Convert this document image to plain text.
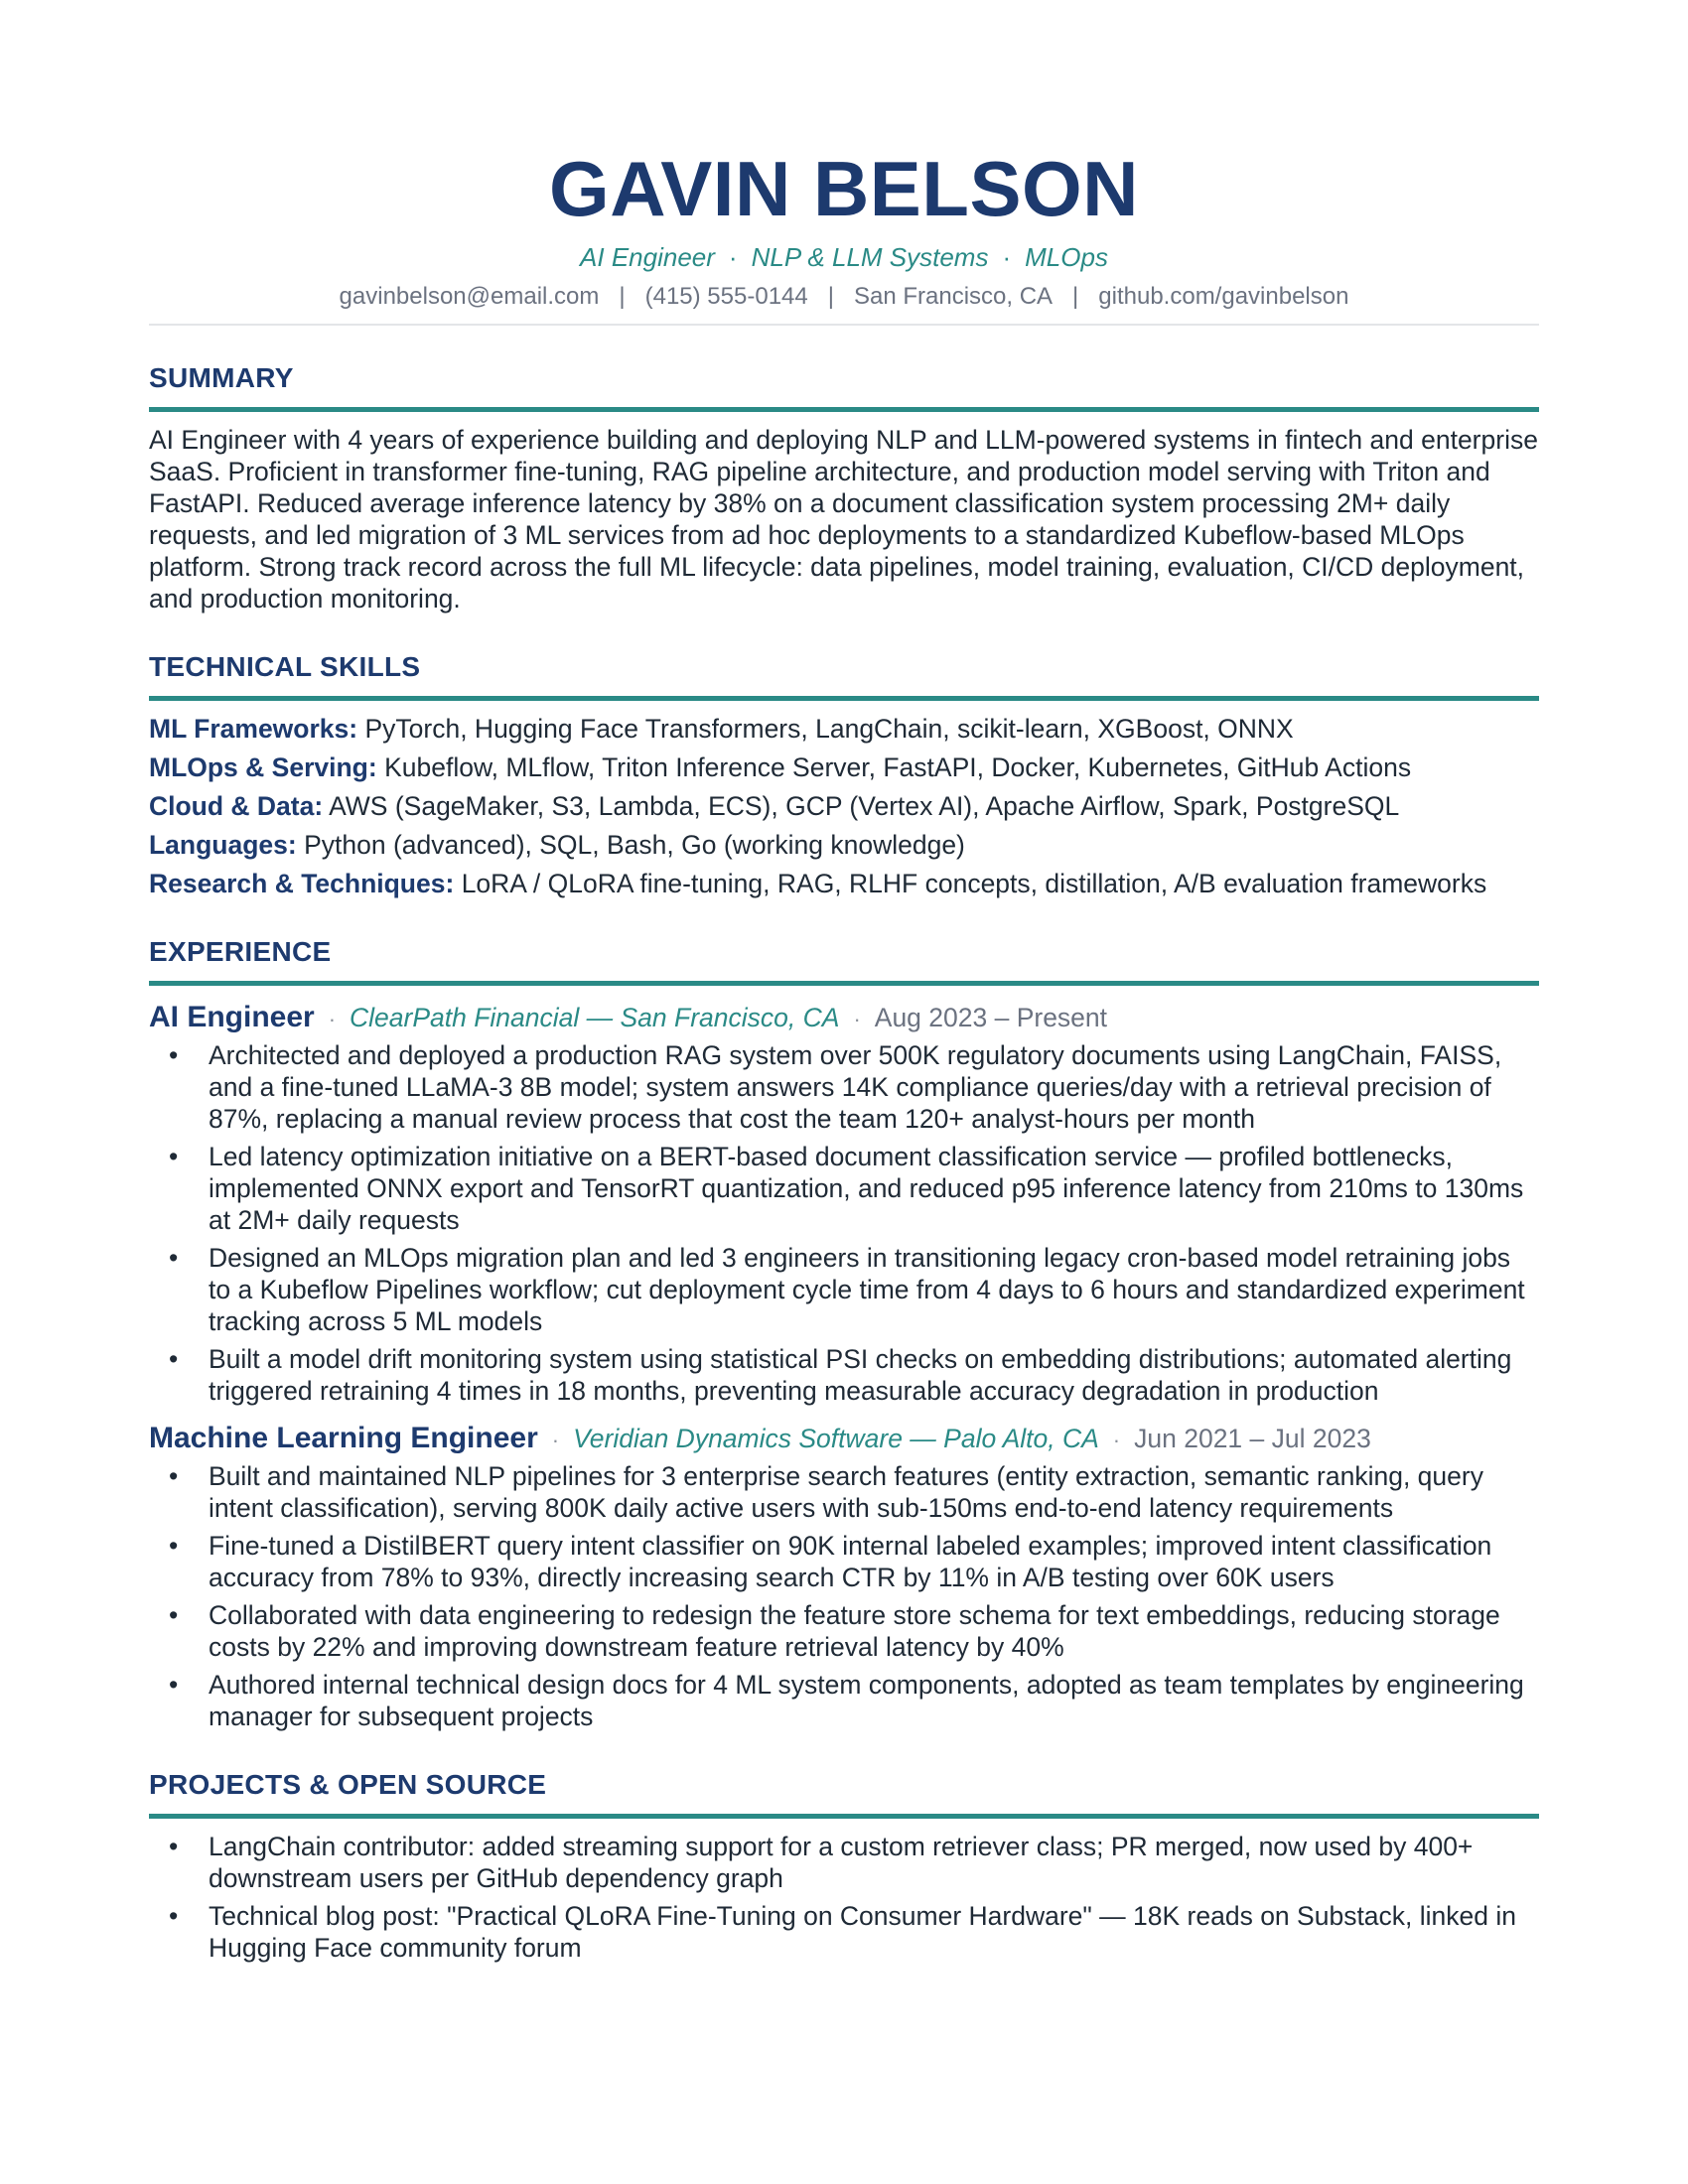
GAVIN BELSON
AI Engineer · NLP & LLM Systems · MLOps
gavinbelson@email.com | (415) 555-0144 | San Francisco, CA | github.com/gavinbelson
SUMMARY
AI Engineer with 4 years of experience building and deploying NLP and LLM-powered systems in fintech and enterprise SaaS. Proficient in transformer fine-tuning, RAG pipeline architecture, and production model serving with Triton and FastAPI. Reduced average inference latency by 38% on a document classification system processing 2M+ daily requests, and led migration of 3 ML services from ad hoc deployments to a standardized Kubeflow-based MLOps platform. Strong track record across the full ML lifecycle: data pipelines, model training, evaluation, CI/CD deployment, and production monitoring.
TECHNICAL SKILLS
ML Frameworks: PyTorch, Hugging Face Transformers, LangChain, scikit-learn, XGBoost, ONNX
MLOps & Serving: Kubeflow, MLflow, Triton Inference Server, FastAPI, Docker, Kubernetes, GitHub Actions
Cloud & Data: AWS (SageMaker, S3, Lambda, ECS), GCP (Vertex AI), Apache Airflow, Spark, PostgreSQL
Languages: Python (advanced), SQL, Bash, Go (working knowledge)
Research & Techniques: LoRA / QLoRA fine-tuning, RAG, RLHF concepts, distillation, A/B evaluation frameworks
EXPERIENCE
AI Engineer · ClearPath Financial — San Francisco, CA · Aug 2023 – Present
• Architected and deployed a production RAG system over 500K regulatory documents using LangChain, FAISS, and a fine-tuned LLaMA-3 8B model; system answers 14K compliance queries/day with a retrieval precision of 87%, replacing a manual review process that cost the team 120+ analyst-hours per month
• Led latency optimization initiative on a BERT-based document classification service — profiled bottlenecks, implemented ONNX export and TensorRT quantization, and reduced p95 inference latency from 210ms to 130ms at 2M+ daily requests
• Designed an MLOps migration plan and led 3 engineers in transitioning legacy cron-based model retraining jobs to a Kubeflow Pipelines workflow; cut deployment cycle time from 4 days to 6 hours and standardized experiment tracking across 5 ML models
• Built a model drift monitoring system using statistical PSI checks on embedding distributions; automated alerting triggered retraining 4 times in 18 months, preventing measurable accuracy degradation in production
Machine Learning Engineer · Veridian Dynamics Software — Palo Alto, CA · Jun 2021 – Jul 2023
• Built and maintained NLP pipelines for 3 enterprise search features (entity extraction, semantic ranking, query intent classification), serving 800K daily active users with sub-150ms end-to-end latency requirements
• Fine-tuned a DistilBERT query intent classifier on 90K internal labeled examples; improved intent classification accuracy from 78% to 93%, directly increasing search CTR by 11% in A/B testing over 60K users
• Collaborated with data engineering to redesign the feature store schema for text embeddings, reducing storage costs by 22% and improving downstream feature retrieval latency by 40%
• Authored internal technical design docs for 4 ML system components, adopted as team templates by engineering manager for subsequent projects
PROJECTS & OPEN SOURCE
• LangChain contributor: added streaming support for a custom retriever class; PR merged, now used by 400+ downstream users per GitHub dependency graph
• Technical blog post: "Practical QLoRA Fine-Tuning on Consumer Hardware" — 18K reads on Substack, linked in Hugging Face community forum
